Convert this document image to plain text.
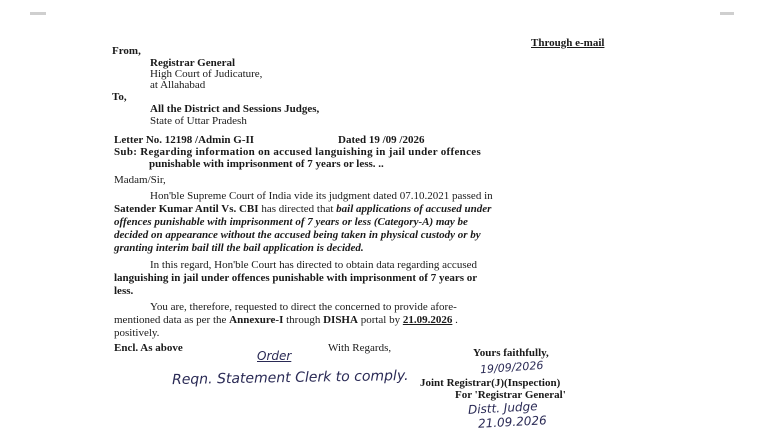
Through e-mail
From,
Registrar General
High Court of Judicature,
at Allahabad
To,
All the District and Sessions Judges,
State of Uttar Pradesh
Letter No. 12198 /Admin G-II	Dated 19 /09 /2026
Sub: Regarding information on accused languishing in jail under offences
punishable with imprisonment of 7 years or less. ..
Madam/Sir,
Hon'ble Supreme Court of India vide its judgment dated 07.10.2021 passed in
Satender Kumar Antil Vs. CBI has directed that bail applications of accused under
offences punishable with imprisonment of 7 years or less (Category-A) may be
decided on appearance without the accused being taken in physical custody or by
granting interim bail till the bail application is decided.
In this regard, Hon'ble Court has directed to obtain data regarding accused
languishing in jail under offences punishable with imprisonment of 7 years or
less.
You are, therefore, requested to direct the concerned to provide afore-
mentioned data as per the Annexure-I through DISHA portal by 21.09.2026 .
positively.
Encl. As above	With Regards,	Yours faithfully,
19/09/2026
Joint Registrar(J)(Inspection)
For 'Registrar General'
Order
Reqn. Statement Clerk to comply.
Distt. Judge
21.09.2026
